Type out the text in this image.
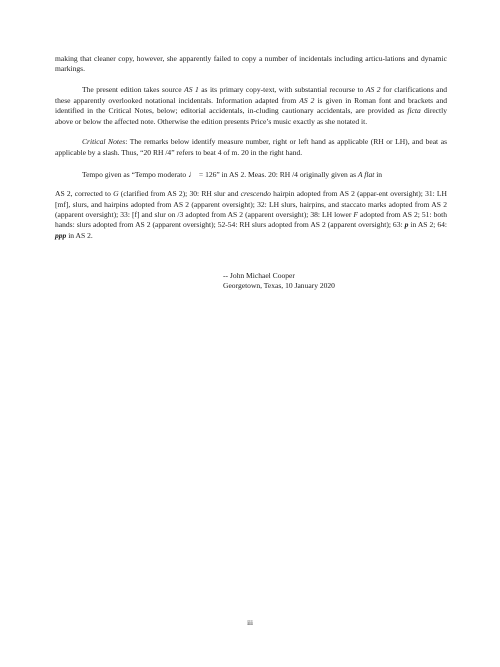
making that cleaner copy, however, she apparently failed to copy a number of incidentals including articu-lations and dynamic markings.

The present edition takes source AS 1 as its primary copy-text, with substantial recourse to AS 2 for clarifications and these apparently overlooked notational incidentals. Information adapted from AS 2 is given in Roman font and brackets and identified in the Critical Notes, below; editorial accidentals, in-cluding cautionary accidentals, are provided as ficta directly above or below the affected note. Otherwise the edition presents Price’s music exactly as she notated it.

Critical Notes: The remarks below identify measure number, right or left hand as applicable (RH or LH), and beat as applicable by a slash. Thus, “20 RH /4” refers to beat 4 of m. 20 in the right hand.

Tempo given as “Tempo moderato ♩ = 126” in AS 2. Meas. 20: RH /4 originally given as A flat in

AS 2, corrected to G (clarified from AS 2); 30: RH slur and crescendo hairpin adopted from AS 2 (appar-ent oversight); 31: LH [mf], slurs, and hairpins adopted from AS 2 (apparent oversight); 32: LH slurs, hairpins, and staccato marks adopted from AS 2 (apparent oversight); 33: [f] and slur on /3 adopted from AS 2 (apparent oversight); 38: LH lower F adopted from AS 2; 51: both hands: slurs adopted from AS 2 (apparent oversight); 52-54: RH slurs adopted from AS 2 (apparent oversight); 63: p in AS 2; 64: ppp in AS 2.

-- John Michael Cooper
Georgetown, Texas, 10 January 2020
iii
